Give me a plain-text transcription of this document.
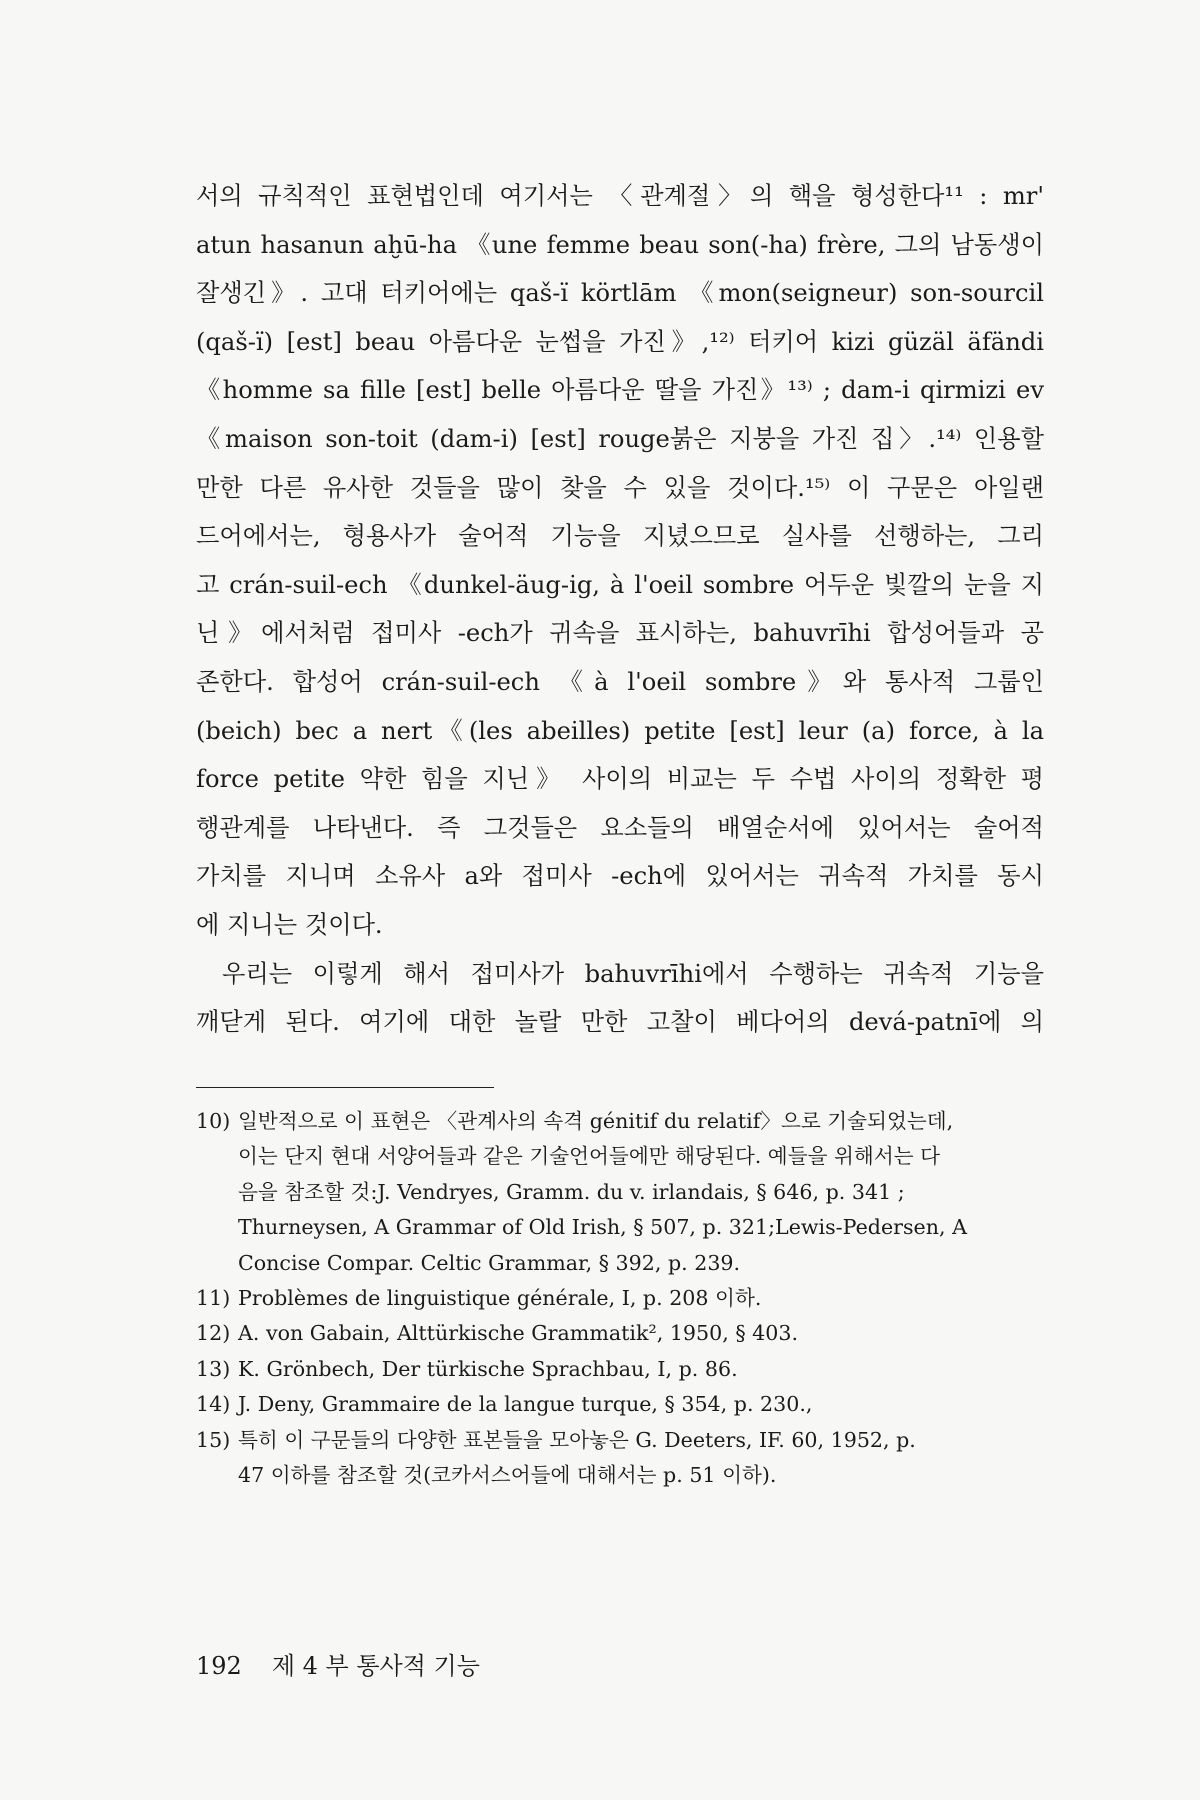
서의 규칙적인 표현법인데 여기서는 〈관계절〉의 핵을 형성한다¹¹ : mr'
atun hasanun aḫū-ha 《une femme beau son(-ha) frère, 그의 남동생이
잘생긴》. 고대 터키어에는 qaš-ï körtlām 《mon(seigneur) son-sourcil
(qaš-ï) [est] beau 아름다운 눈썹을 가진》,¹²⁾ 터키어 kizi güzäl äfändi
《homme sa fille [est] belle 아름다운 딸을 가진》¹³⁾ ; dam-i qirmizi ev
《maison son-toit (dam-i) [est] rouge붉은 지붕을 가진 집〉.¹⁴⁾ 인용할
만한 다른 유사한 것들을 많이 찾을 수 있을 것이다.¹⁵⁾ 이 구문은 아일랜
드어에서는, 형용사가 술어적 기능을 지녔으므로 실사를 선행하는, 그리
고 crán-suil-ech 《dunkel-äug-ig, à l'oeil sombre 어두운 빛깔의 눈을 지
닌》에서처럼 접미사 -ech가 귀속을 표시하는, bahuvrīhi 합성어들과 공
존한다. 합성어 crán-suil-ech 《à l'oeil sombre》와 통사적 그룹인
(beich) bec a nert《(les abeilles) petite [est] leur (a) force, à la
force petite 약한 힘을 지닌》 사이의 비교는 두 수법 사이의 정확한 평
행관계를 나타낸다. 즉 그것들은 요소들의 배열순서에 있어서는 술어적
가치를 지니며 소유사 a와 접미사 -ech에 있어서는 귀속적 가치를 동시
에 지니는 것이다.
우리는 이렇게 해서 접미사가 bahuvrīhi에서 수행하는 귀속적 기능을
깨닫게 된다. 여기에 대한 놀랄 만한 고찰이 베다어의 devá-patnī에 의
10) 일반적으로 이 표현은 〈관계사의 속격 génitif du relatif〉으로 기술되었는데,
이는 단지 현대 서양어들과 같은 기술언어들에만 해당된다. 예들을 위해서는 다
음을 참조할 것:J. Vendryes, Gramm. du v. irlandais, § 646, p. 341 ;
Thurneysen, A Grammar of Old Irish, § 507, p. 321;Lewis-Pedersen, A
Concise Compar. Celtic Grammar, § 392, p. 239.
11) Problèmes de linguistique générale, I, p. 208 이하.
12) A. von Gabain, Alttürkische Grammatik², 1950, § 403.
13) K. Grönbech, Der türkische Sprachbau, I, p. 86.
14) J. Deny, Grammaire de la langue turque, § 354, p. 230.,
15) 특히 이 구문들의 다양한 표본들을 모아놓은 G. Deeters, IF. 60, 1952, p.
47 이하를 참조할 것(코카서스어들에 대해서는 p. 51 이하).
192 제 4 부 통사적 기능
